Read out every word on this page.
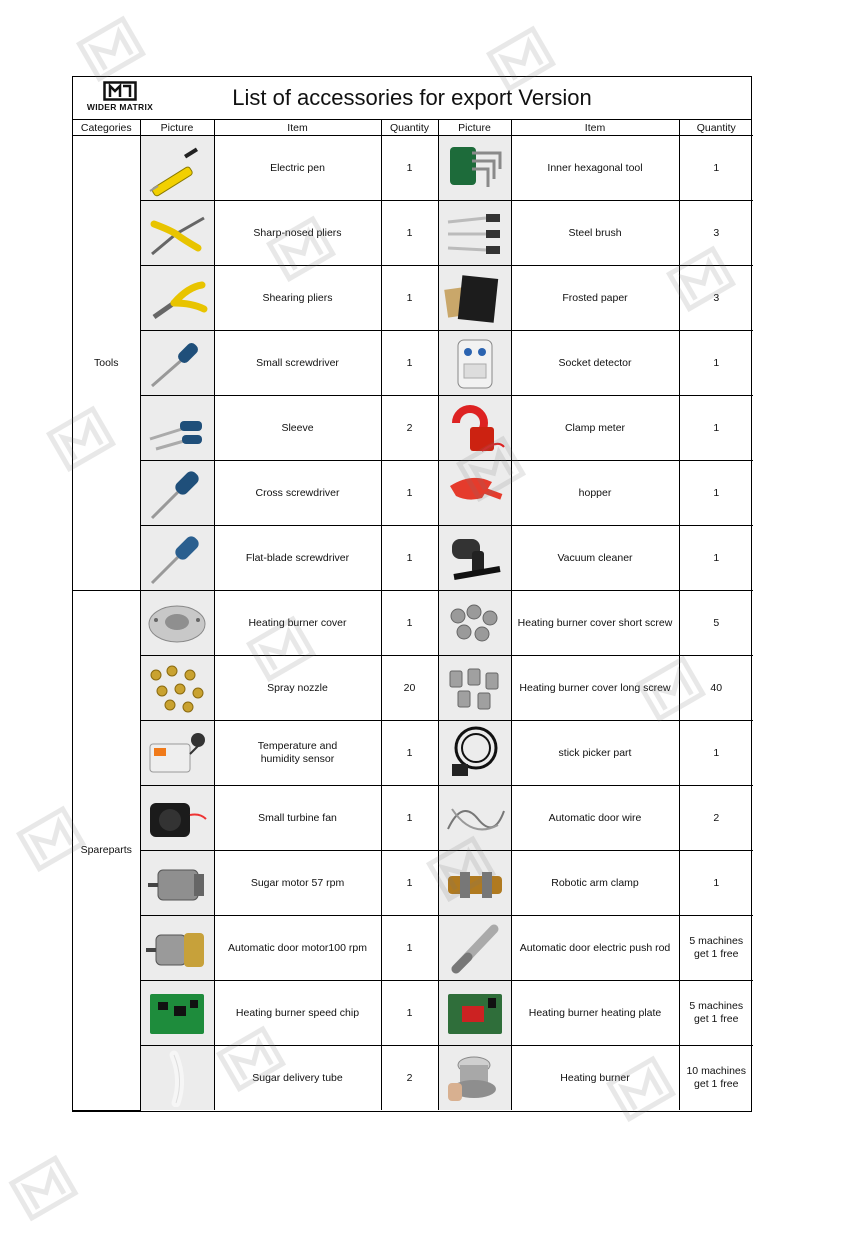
WIDER MATRIX	List of accessories for export Version
Categories	Picture	Item	Quantity	Picture	Item	Quantity
Tools		Electric pen	1		Inner hexagonal tool	1

	Sharp-nosed pliers	1		Steel brush	3

	Shearing pliers	1		Frosted paper	3

	Small screwdriver	1		Socket detector	1

	Sleeve	2		Clamp meter	1

	Cross screwdriver	1		hopper	1

	Flat-blade screwdriver	1		Vacuum cleaner	1
Spareparts		Heating burner cover	1		Heating burner cover short screw	5

	Spray nozzle	20		Heating burner cover long screw	40

	Temperature and
humidity sensor	1		stick picker part	1

	Small turbine fan	1		Automatic door wire	2

	Sugar motor 57 rpm	1		Robotic arm clamp	1

	Automatic door motor100 rpm	1		Automatic door electric push rod	5 machines
get 1 free

	Heating burner speed chip	1		Heating burner heating plate	5 machines
get 1 free

	Sugar delivery tube	2		Heating burner	10 machines
get 1 free
